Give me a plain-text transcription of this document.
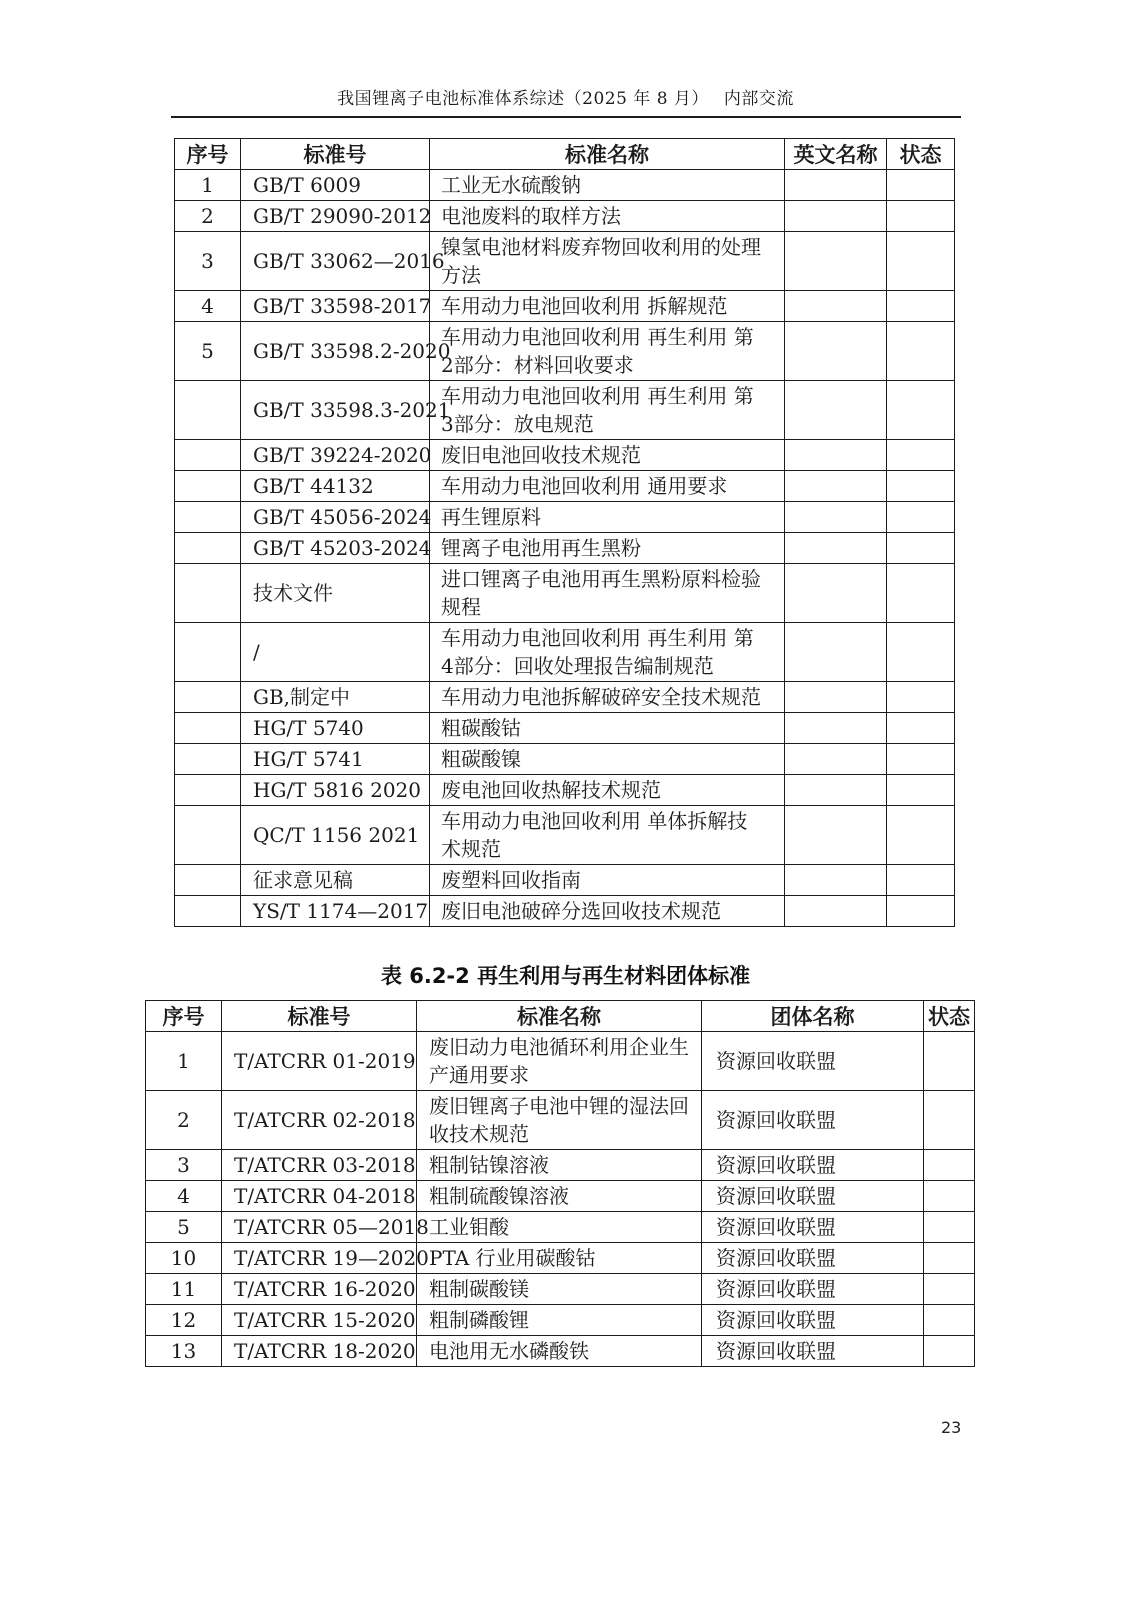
我国锂离子电池标准体系综述（2025 年 8 月）　 内部交流
序号	标准号	标准名称	英文名称	状态
1	GB/T 6009	工业无水硫酸钠		
2	GB/T 29090-2012	电池废料的取样方法		
3	GB/T 33062—2016	镍氢电池材料废弃物回收利用的处理方法		
4	GB/T 33598-2017	车用动力电池回收利用 拆解规范		
5	GB/T 33598.2-2020	车用动力电池回收利用 再生利用 第2部分：材料回收要求		
	GB/T 33598.3-2021	车用动力电池回收利用 再生利用 第3部分：放电规范		
	GB/T 39224-2020	废旧电池回收技术规范		
	GB/T 44132	车用动力电池回收利用 通用要求		
	GB/T 45056-2024	再生锂原料		
	GB/T 45203-2024	锂离子电池用再生黑粉		
	技术文件	进口锂离子电池用再生黑粉原料检验规程		
	/	车用动力电池回收利用 再生利用 第4部分：回收处理报告编制规范		
	GB,制定中	车用动力电池拆解破碎安全技术规范		
	HG/T 5740	粗碳酸钴		
	HG/T 5741	粗碳酸镍		
	HG/T 5816 2020	废电池回收热解技术规范		
	QC/T 1156 2021	车用动力电池回收利用 单体拆解技术规范		
	征求意见稿	废塑料回收指南		
	YS/T 1174—2017	废旧电池破碎分选回收技术规范		
表 6.2-2 再生利用与再生材料团体标准
序号	标准号	标准名称	团体名称	状态
1	T/ATCRR 01-2019	废旧动力电池循环利用企业生产通用要求	资源回收联盟	
2	T/ATCRR 02-2018	废旧锂离子电池中锂的湿法回收技术规范	资源回收联盟	
3	T/ATCRR 03-2018	粗制钴镍溶液	资源回收联盟	
4	T/ATCRR 04-2018	粗制硫酸镍溶液	资源回收联盟	
5	T/ATCRR 05—2018	工业钼酸	资源回收联盟	
10	T/ATCRR 19—2020	PTA 行业用碳酸钴	资源回收联盟	
11	T/ATCRR 16-2020	粗制碳酸镁	资源回收联盟	
12	T/ATCRR 15-2020	粗制磷酸锂	资源回收联盟	
13	T/ATCRR 18-2020	电池用无水磷酸铁	资源回收联盟	
23
